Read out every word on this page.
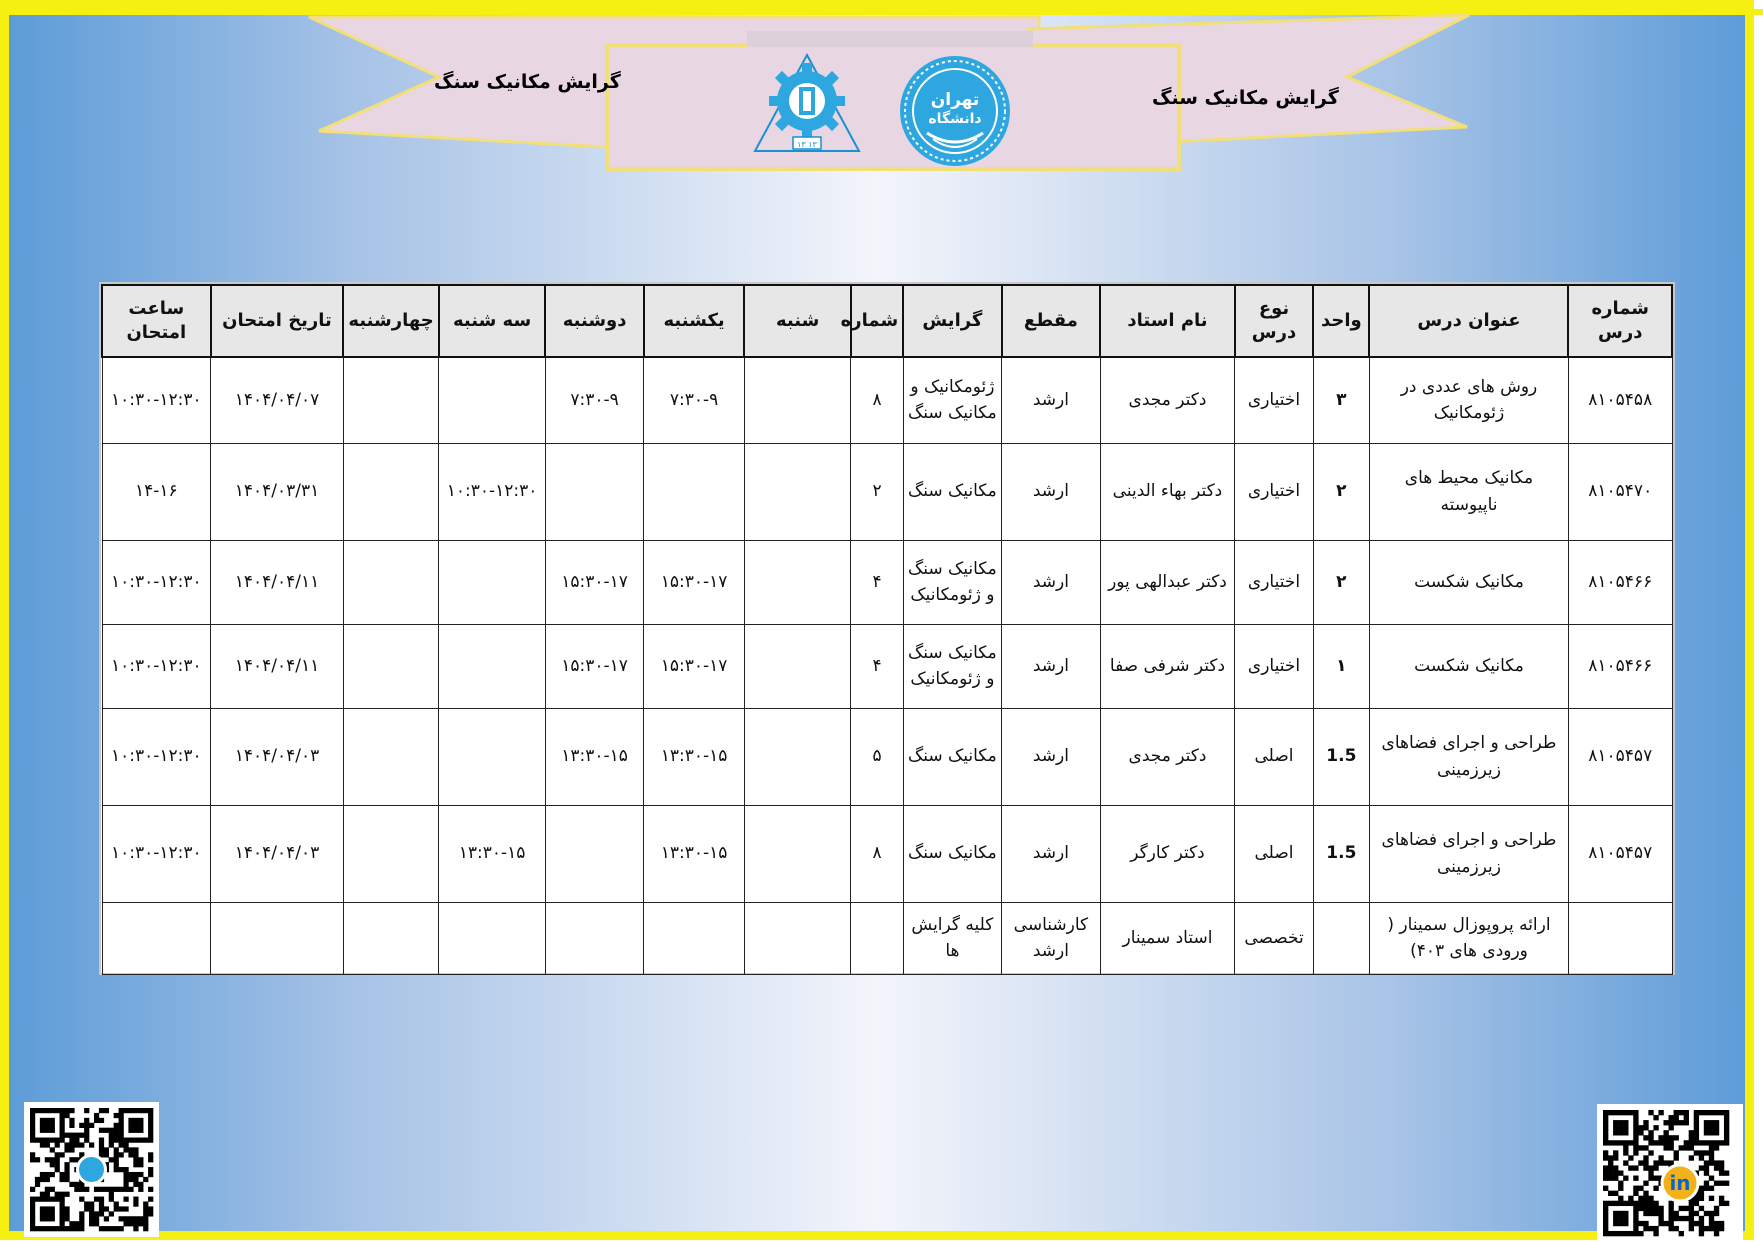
گرایش مکانیک سنگ
گرایش مکانیک سنگ
تهران
دانشگاه
۱۳ ۱۳
شماره درس	عنوان درس	واحد	نوع درس	نام استاد	مقطع	گرایش	شماره	شنبه	یکشنبه	دوشنبه	سه شنبه	چهارشنبه	تاریخ امتحان	ساعت امتحان
۸۱۰۵۴۵۸	روش های عددی در ژئومکانیک	۳	اختیاری	دکتر مجدی	ارشد	ژئومکانیک و مکانیک سنگ	۸		۷:۳۰-۹	۷:۳۰-۹			۱۴۰۴/۰۴/۰۷	۱۰:۳۰-۱۲:۳۰
۸۱۰۵۴۷۰	مکانیک محیط های ناپیوسته	۲	اختیاری	دکتر بهاء الدینی	ارشد	مکانیک سنگ	۲				۱۰:۳۰-۱۲:۳۰		۱۴۰۴/۰۳/۳۱	۱۴-۱۶
۸۱۰۵۴۶۶	مکانیک شکست	۲	اختیاری	دکتر عبدالهی پور	ارشد	مکانیک سنگ و ژئومکانیک	۴		۱۵:۳۰-۱۷	۱۵:۳۰-۱۷			۱۴۰۴/۰۴/۱۱	۱۰:۳۰-۱۲:۳۰
۸۱۰۵۴۶۶	مکانیک شکست	۱	اختیاری	دکتر شرفی صفا	ارشد	مکانیک سنگ و ژئومکانیک	۴		۱۵:۳۰-۱۷	۱۵:۳۰-۱۷			۱۴۰۴/۰۴/۱۱	۱۰:۳۰-۱۲:۳۰
۸۱۰۵۴۵۷	طراحی و اجرای فضاهای زیرزمینی	1.5	اصلی	دکتر مجدی	ارشد	مکانیک سنگ	۵		۱۳:۳۰-۱۵	۱۳:۳۰-۱۵			۱۴۰۴/۰۴/۰۳	۱۰:۳۰-۱۲:۳۰
۸۱۰۵۴۵۷	طراحی و اجرای فضاهای زیرزمینی	1.5	اصلی	دکتر کارگر	ارشد	مکانیک سنگ	۸		۱۳:۳۰-۱۵		۱۳:۳۰-۱۵		۱۴۰۴/۰۴/۰۳	۱۰:۳۰-۱۲:۳۰
	ارائه پروپوزال سمینار ( ورودی های ۴۰۳)		تخصصی	استاد سمینار	کارشناسی ارشد	کلیه گرایش ها								
in
